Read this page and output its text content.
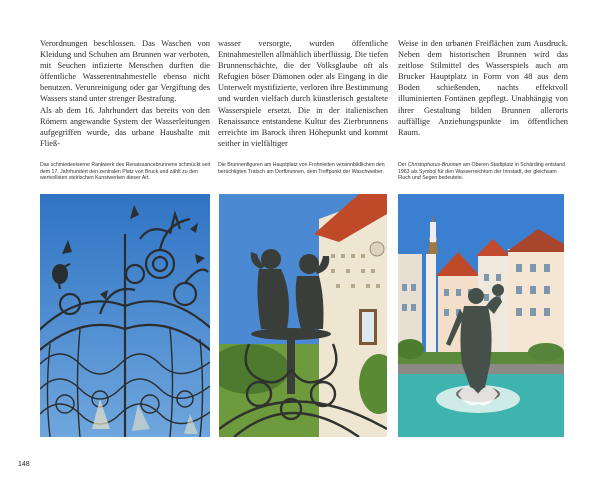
Verordnungen beschlossen. Das Waschen von Kleidung und Schuhen am Brunnen war verboten, mit Seuchen infizierte Menschen durften die öffentliche Wasserentnahmestelle ebenso nicht benutzen. Verunreinigung oder gar Vergiftung des Wassers stand unter strenger Bestrafung.

Als ab dem 16. Jahrhundert das bereits von den Römern angewandte System der Wasserleitungen aufgegriffen wurde, das urbane Haushalte mit Fließ-

wasser versorgte, wurden öffentliche Entnahmestellen allmählich überflüssig. Die tiefen Brunnenschächte, die der Volksglaube oft als Refugien böser Dämonen oder als Eingang in die Unterwelt mystifizierte, verloren ihre Bestimmung und wurden vielfach durch künstlerisch gestaltete Wasserspiele ersetzt. Die in der italienischen Renaissance entstandene Kultur des Zierbrunnens erreichte im Barock ihren Höhepunkt und kommt seither in vielfältiger

Weise in den urbanen Freiflächen zum Ausdruck. Neben dem historischen Brunnen wird das zeitlose Stilmittel des Wasserspiels auch am Brucker Hauptplatz in Form von 48 aus dem Boden schießenden, nachts effektvoll illuminierten Fontänen gepflegt. Unabhängig von ihrer Gestaltung bilden Brunnen allerorts auffällige Anziehungspunkte im öffentlichen Raum.

Das schmiedeeiserne Rankwerk des Renaissancebrunnens schmückt seit dem 17. Jahrhundert den zentralen Platz von Bruck und zählt zu den wertvollsten steirischen Kunstwerken dieser Art.
Die Brunnenfiguren am Hauptplatz von Frohnleiten versinnbildlichen den berüchtigten Tratsch am Dorfbrunnen, dem Treffpunkt der Waschweiber.
Der Christophorus-Brunnen am Oberen Stadtplatz in Schärding entstand 1963 als Symbol für den Wasserreichtum der Innstadt, der gleichsam Fluch und Segen bedeutete.
148
